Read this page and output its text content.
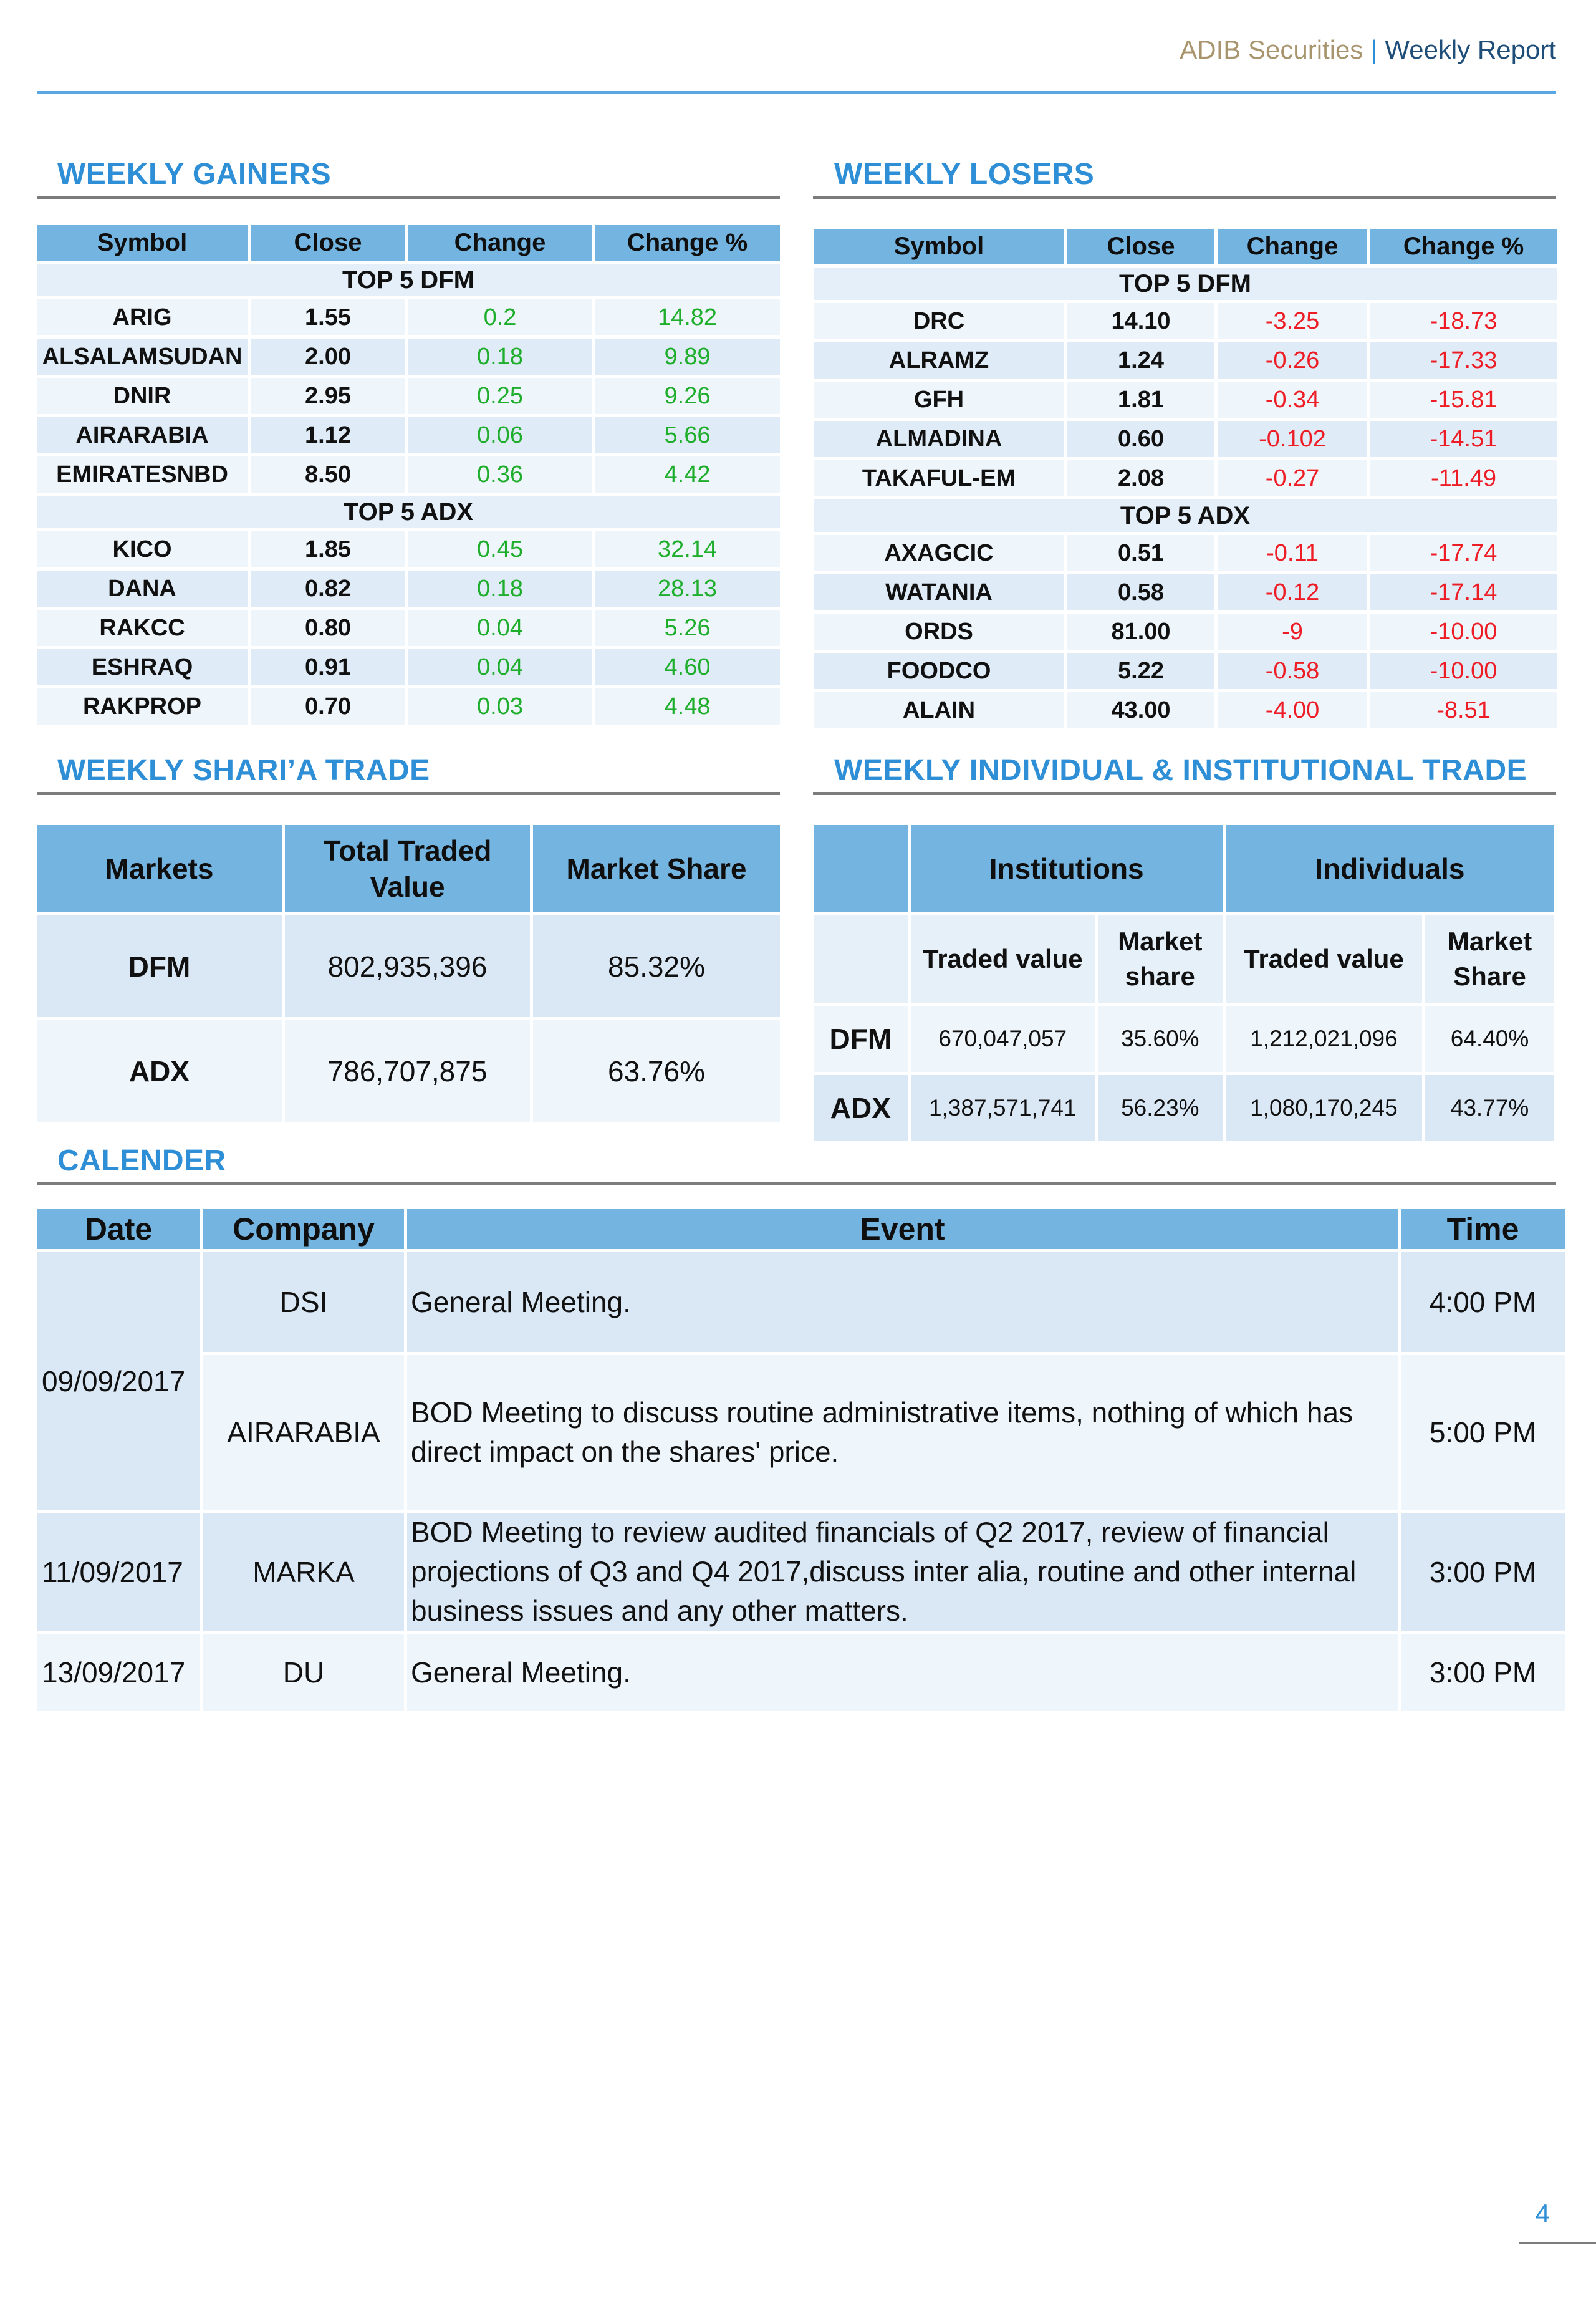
ADIB Securities | Weekly Report
WEEKLY GAINERS
Symbol	Close	Change	Change %
TOP 5 DFM			
ARIG	1.55	0.2	14.82
ALSALAMSUDAN	2.00	0.18	9.89
DNIR	2.95	0.25	9.26
AIRARABIA	1.12	0.06	5.66
EMIRATESNBD	8.50	0.36	4.42
TOP 5 ADX			
KICO	1.85	0.45	32.14
DANA	0.82	0.18	28.13
RAKCC	0.80	0.04	5.26
ESHRAQ	0.91	0.04	4.60
RAKPROP	0.70	0.03	4.48
WEEKLY LOSERS
Symbol	Close	Change	Change %
TOP 5 DFM			
DRC	14.10	-3.25	-18.73
ALRAMZ	1.24	-0.26	-17.33
GFH	1.81	-0.34	-15.81
ALMADINA	0.60	-0.102	-14.51
TAKAFUL-EM	2.08	-0.27	-11.49
TOP 5 ADX			
AXAGCIC	0.51	-0.11	-17.74
WATANIA	0.58	-0.12	-17.14
ORDS	81.00	-9	-10.00
FOODCO	5.22	-0.58	-10.00
ALAIN	43.00	-4.00	-8.51
WEEKLY SHARI’A TRADE
Markets	Total Traded Value	Market Share
DFM	802,935,396	85.32%
ADX	786,707,875	63.76%
WEEKLY INDIVIDUAL & INSTITUTIONAL TRADE
	Institutions		Individuals	
	Traded value	Market share	Traded value	Market Share
DFM	670,047,057	35.60%	1,212,021,096	64.40%
ADX	1,387,571,741	56.23%	1,080,170,245	43.77%
CALENDER
Date	Company	Event	Time
09/09/2017	DSI	General Meeting.	4:00 PM
	AIRARABIA	BOD Meeting to discuss routine administrative items, nothing of which has direct impact on the shares' price.	5:00 PM
11/09/2017	MARKA	BOD Meeting to review audited financials of Q2 2017, review of financial projections of Q3 and Q4 2017,discuss inter alia, routine and other internal business issues and any other matters.	3:00 PM
13/09/2017	DU	General Meeting.	3:00 PM
4
